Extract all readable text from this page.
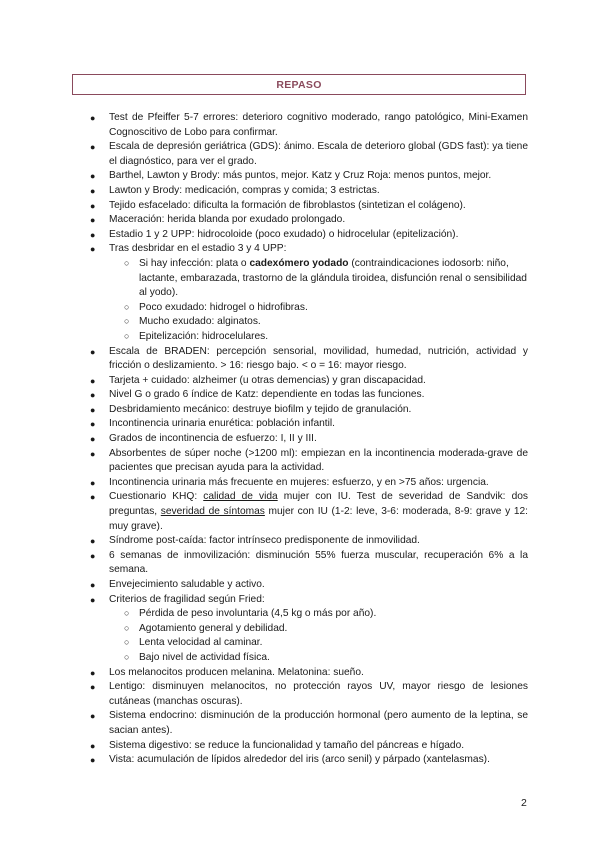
REPASO
● Test de Pfeiffer 5-7 errores: deterioro cognitivo moderado, rango patológico, Mini-Examen Cognoscitivo de Lobo para confirmar.
● Escala de depresión geriátrica (GDS): ánimo. Escala de deterioro global (GDS fast): ya tiene el diagnóstico, para ver el grado.
● Barthel, Lawton y Brody: más puntos, mejor. Katz y Cruz Roja: menos puntos, mejor.
● Lawton y Brody: medicación, compras y comida; 3 estrictas.
● Tejido esfacelado: dificulta la formación de fibroblastos (sintetizan el colágeno).
● Maceración: herida blanda por exudado prolongado.
● Estadio 1 y 2 UPP: hidrocoloide (poco exudado) o hidrocelular (epitelización).
● Tras desbridar en el estadio 3 y 4 UPP:
○ Si hay infección: plata o cadexómero yodado (contraindicaciones iodosorb: niño, lactante, embarazada, trastorno de la glándula tiroidea, disfunción renal o sensibilidad al yodo).
○ Poco exudado: hidrogel o hidrofibras.
○ Mucho exudado: alginatos.
○ Epitelización: hidrocelulares.
● Escala de BRADEN: percepción sensorial, movilidad, humedad, nutrición, actividad y fricción o deslizamiento. > 16: riesgo bajo. < o = 16: mayor riesgo.
● Tarjeta + cuidado: alzheimer (u otras demencias) y gran discapacidad.
● Nivel G o grado 6 índice de Katz: dependiente en todas las funciones.
● Desbridamiento mecánico: destruye biofilm y tejido de granulación.
● Incontinencia urinaria enurética: población infantil.
● Grados de incontinencia de esfuerzo: I, II y III.
● Absorbentes de súper noche (>1200 ml): empiezan en la incontinencia moderada-grave de pacientes que precisan ayuda para la actividad.
● Incontinencia urinaria más frecuente en mujeres: esfuerzo, y en >75 años: urgencia.
● Cuestionario KHQ: calidad de vida mujer con IU. Test de severidad de Sandvik: dos preguntas, severidad de síntomas mujer con IU (1-2: leve, 3-6: moderada, 8-9: grave y 12: muy grave).
● Síndrome post-caída: factor intrínseco predisponente de inmovilidad.
● 6 semanas de inmovilización: disminución 55% fuerza muscular, recuperación 6% a la semana.
● Envejecimiento saludable y activo.
● Criterios de fragilidad según Fried:
○ Pérdida de peso involuntaria (4,5 kg o más por año).
○ Agotamiento general y debilidad.
○ Lenta velocidad al caminar.
○ Bajo nivel de actividad física.
● Los melanocitos producen melanina. Melatonina: sueño.
● Lentigo: disminuyen melanocitos, no protección rayos UV, mayor riesgo de lesiones cutáneas (manchas oscuras).
● Sistema endocrino: disminución de la producción hormonal (pero aumento de la leptina, se sacian antes).
● Sistema digestivo: se reduce la funcionalidad y tamaño del páncreas e hígado.
● Vista: acumulación de lípidos alrededor del iris (arco senil) y párpado (xantelasmas).
2
